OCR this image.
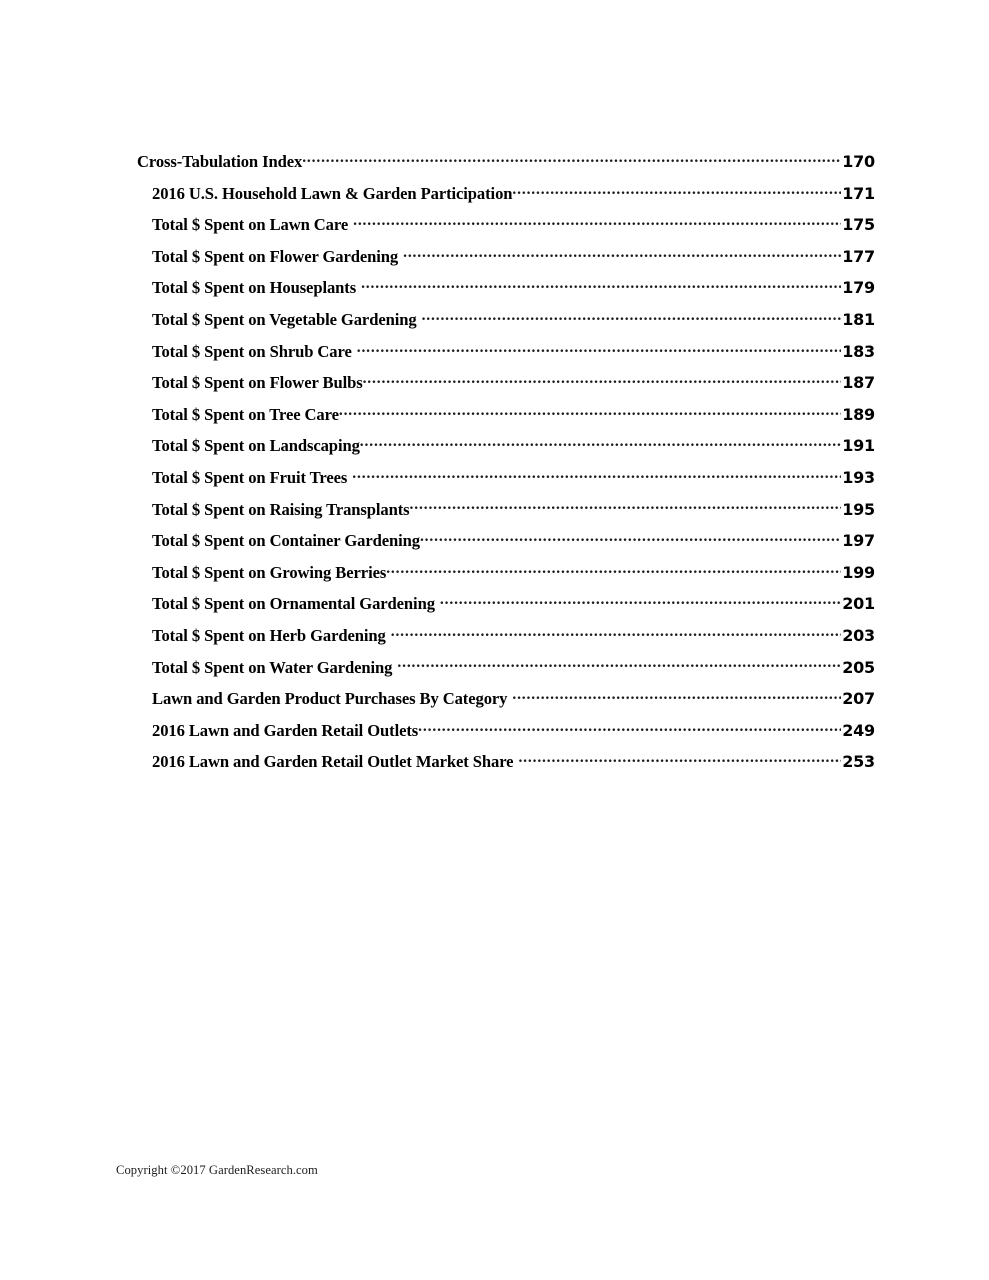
Cross-Tabulation Index .....	170
2016 U.S. Household Lawn & Garden Participation .....	171
Total $ Spent on Lawn Care .....	175
Total $ Spent on Flower Gardening .....	177
Total $ Spent on Houseplants .....	179
Total $ Spent on Vegetable Gardening .....	181
Total $ Spent on Shrub Care .....	183
Total $ Spent on Flower Bulbs .....	187
Total $ Spent on Tree Care .....	189
Total $ Spent on Landscaping .....	191
Total $ Spent on Fruit Trees .....	193
Total $ Spent on Raising Transplants .....	195
Total $ Spent on Container Gardening .....	197
Total $ Spent on Growing Berries .....	199
Total $ Spent on Ornamental Gardening .....	201
Total $ Spent on Herb Gardening .....	203
Total $ Spent on Water Gardening .....	205
Lawn and Garden Product Purchases By Category .....	207
2016 Lawn and Garden Retail Outlets .....	249
2016 Lawn and Garden Retail Outlet Market Share .....	253
Copyright ©2017 GardenResearch.com
